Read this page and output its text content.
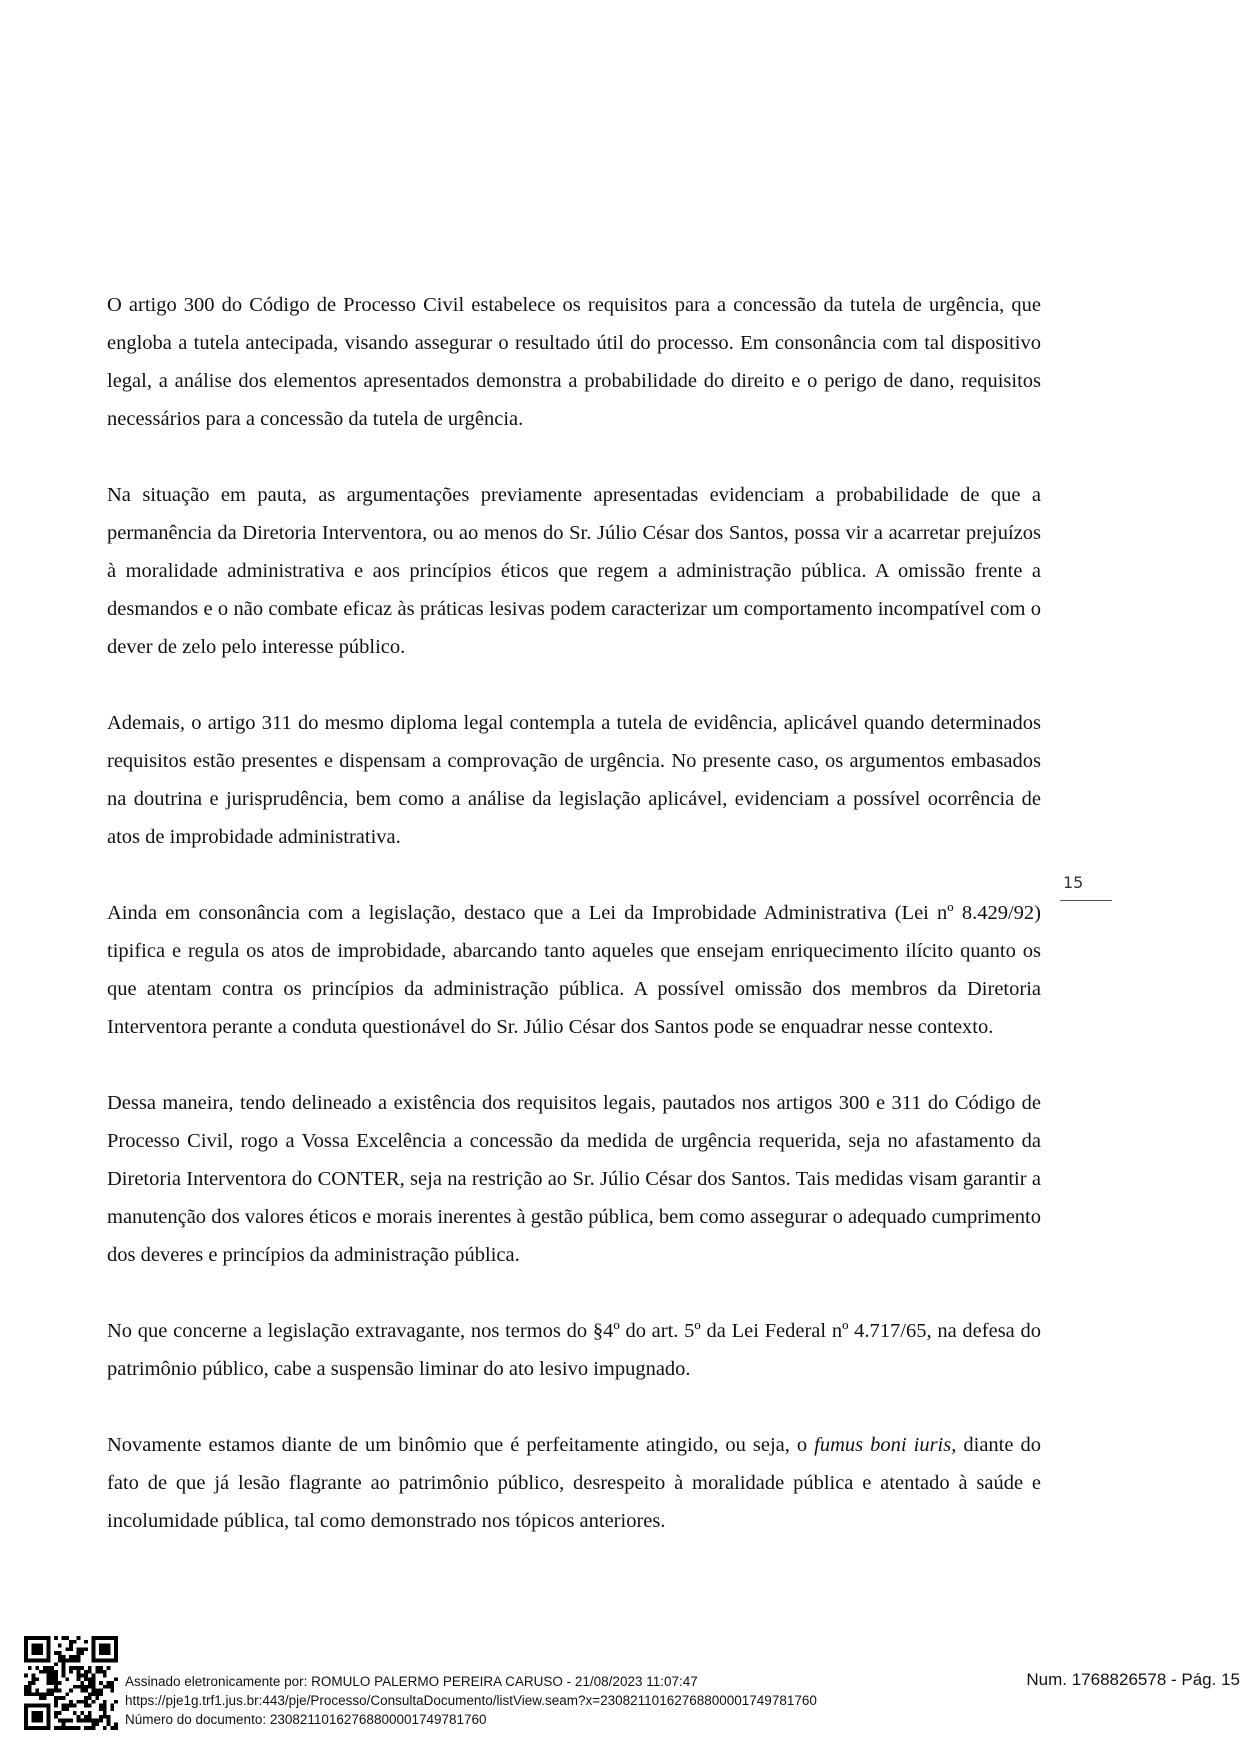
O artigo 300 do Código de Processo Civil estabelece os requisitos para a concessão da tutela de urgência, que engloba a tutela antecipada, visando assegurar o resultado útil do processo. Em consonância com tal dispositivo legal, a análise dos elementos apresentados demonstra a probabilidade do direito e o perigo de dano, requisitos necessários para a concessão da tutela de urgência.

Na situação em pauta, as argumentações previamente apresentadas evidenciam a probabilidade de que a permanência da Diretoria Interventora, ou ao menos do Sr. Júlio César dos Santos, possa vir a acarretar prejuízos à moralidade administrativa e aos princípios éticos que regem a administração pública. A omissão frente a desmandos e o não combate eficaz às práticas lesivas podem caracterizar um comportamento incompatível com o dever de zelo pelo interesse público.

Ademais, o artigo 311 do mesmo diploma legal contempla a tutela de evidência, aplicável quando determinados requisitos estão presentes e dispensam a comprovação de urgência. No presente caso, os argumentos embasados na doutrina e jurisprudência, bem como a análise da legislação aplicável, evidenciam a possível ocorrência de atos de improbidade administrativa.

Ainda em consonância com a legislação, destaco que a Lei da Improbidade Administrativa (Lei nº 8.429/92) tipifica e regula os atos de improbidade, abarcando tanto aqueles que ensejam enriquecimento ilícito quanto os que atentam contra os princípios da administração pública. A possível omissão dos membros da Diretoria Interventora perante a conduta questionável do Sr. Júlio César dos Santos pode se enquadrar nesse contexto.

Dessa maneira, tendo delineado a existência dos requisitos legais, pautados nos artigos 300 e 311 do Código de Processo Civil, rogo a Vossa Excelência a concessão da medida de urgência requerida, seja no afastamento da Diretoria Interventora do CONTER, seja na restrição ao Sr. Júlio César dos Santos. Tais medidas visam garantir a manutenção dos valores éticos e morais inerentes à gestão pública, bem como assegurar o adequado cumprimento dos deveres e princípios da administração pública.

No que concerne a legislação extravagante, nos termos do §4º do art. 5º da Lei Federal nº 4.717/65, na defesa do patrimônio público, cabe a suspensão liminar do ato lesivo impugnado.

Novamente estamos diante de um binômio que é perfeitamente atingido, ou seja, o fumus boni iuris, diante do fato de que já lesão flagrante ao patrimônio público, desrespeito à moralidade pública e atentado à saúde e incolumidade pública, tal como demonstrado nos tópicos anteriores.

15
Assinado eletronicamente por: ROMULO PALERMO PEREIRA CARUSO - 21/08/2023 11:07:47
https://pje1g.trf1.jus.br:443/pje/Processo/ConsultaDocumento/listView.seam?x=23082110162768800001749781760
Número do documento: 23082110162768800001749781760
Num. 1768826578 - Pág. 15
